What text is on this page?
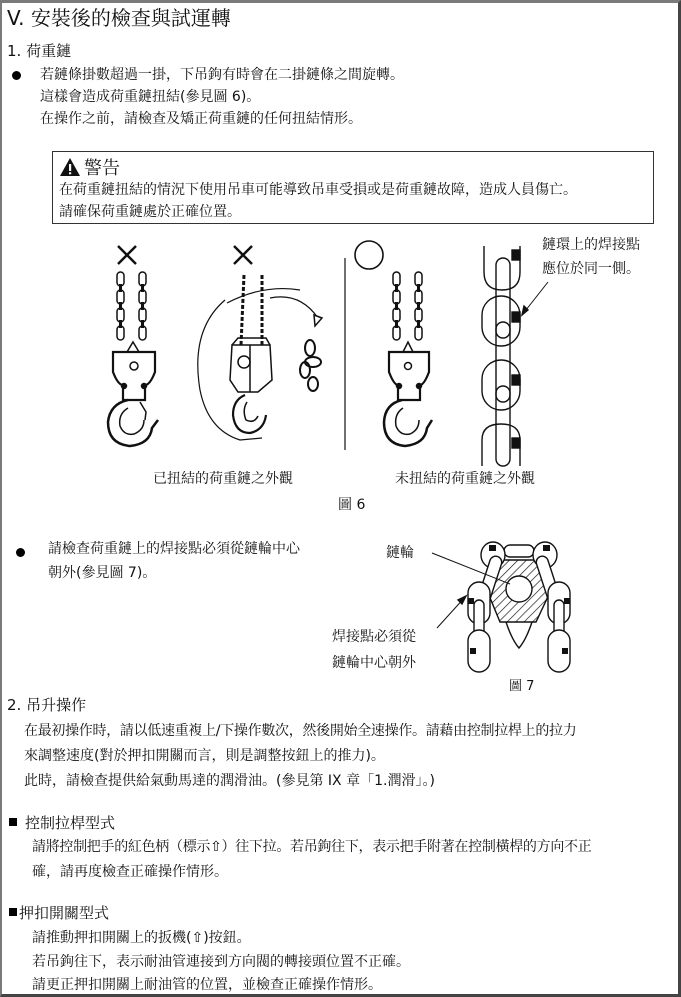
V. 安裝後的檢查與試運轉
1. 荷重鏈
若鏈條掛數超過一掛，下吊鉤有時會在二掛鏈條之間旋轉。
這樣會造成荷重鏈扭結(參見圖 6)。
在操作之前，請檢查及矯正荷重鏈的任何扭結情形。
警告
在荷重鏈扭結的情況下使用吊車可能導致吊車受損或是荷重鏈故障，造成人員傷亡。
請確保荷重鏈處於正確位置。
鏈環上的焊接點
應位於同一側。
已扭結的荷重鏈之外觀	未扭結的荷重鏈之外觀
圖 6
請檢查荷重鏈上的焊接點必須從鏈輪中心
朝外(參見圖 7)。
鏈輪
焊接點必須從
鏈輪中心朝外
圖 7
2. 吊升操作
在最初操作時，請以低速重複上/下操作數次，然後開始全速操作。請藉由控制拉桿上的拉力
來調整速度(對於押扣開關而言，則是調整按鈕上的推力)。
此時，請檢查提供給氣動馬達的潤滑油。(參見第 IX 章「1.潤滑」。)
控制拉桿型式
請將控制把手的紅色柄（標示⇧）往下拉。若吊鉤往下，表示把手附著在控制橫桿的方向不正
確，請再度檢查正確操作情形。
押扣開關型式
請推動押扣開關上的扳機(⇧)按鈕。
若吊鉤往下，表示耐油管連接到方向閥的轉接頭位置不正確。
請更正押扣開關上耐油管的位置，並檢查正確操作情形。
